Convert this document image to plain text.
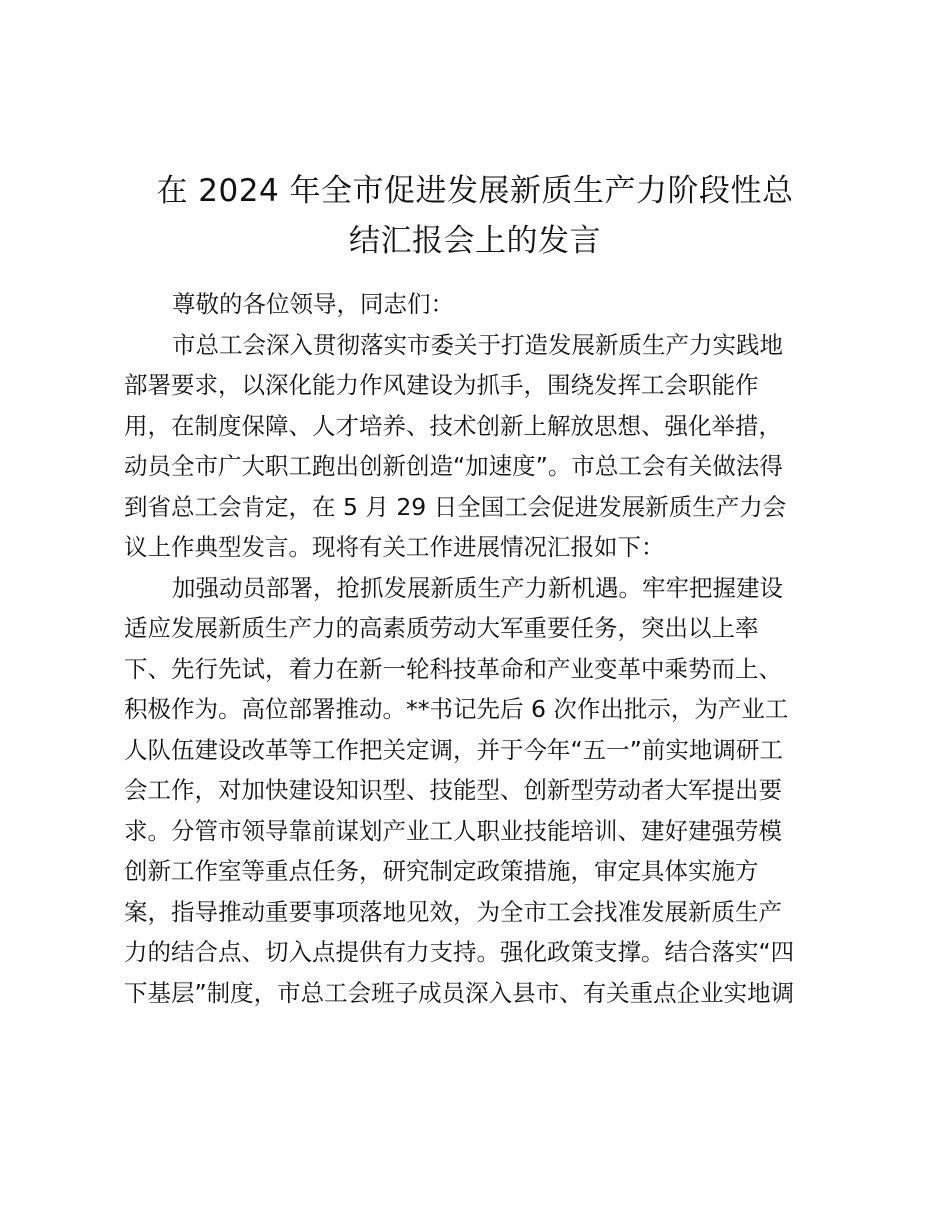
在 2024 年全市促进发展新质生产力阶段性总
结汇报会上的发言
尊敬的各位领导，同志们：
市总工会深入贯彻落实市委关于打造发展新质生产力实践地
部署要求，以深化能力作风建设为抓手，围绕发挥工会职能作
用，在制度保障、人才培养、技术创新上解放思想、强化举措，
动员全市广大职工跑出创新创造“加速度”。市总工会有关做法得
到省总工会肯定，在 5 月 29 日全国工会促进发展新质生产力会
议上作典型发言。现将有关工作进展情况汇报如下：
加强动员部署，抢抓发展新质生产力新机遇。牢牢把握建设
适应发展新质生产力的高素质劳动大军重要任务，突出以上率
下、先行先试，着力在新一轮科技革命和产业变革中乘势而上、
积极作为。高位部署推动。**书记先后 6 次作出批示，为产业工
人队伍建设改革等工作把关定调，并于今年“五一”前实地调研工
会工作，对加快建设知识型、技能型、创新型劳动者大军提出要
求。分管市领导靠前谋划产业工人职业技能培训、建好建强劳模
创新工作室等重点任务，研究制定政策措施，审定具体实施方
案，指导推动重要事项落地见效，为全市工会找准发展新质生产
力的结合点、切入点提供有力支持。强化政策支撑。结合落实“四
下基层”制度，市总工会班子成员深入县市、有关重点企业实地调
